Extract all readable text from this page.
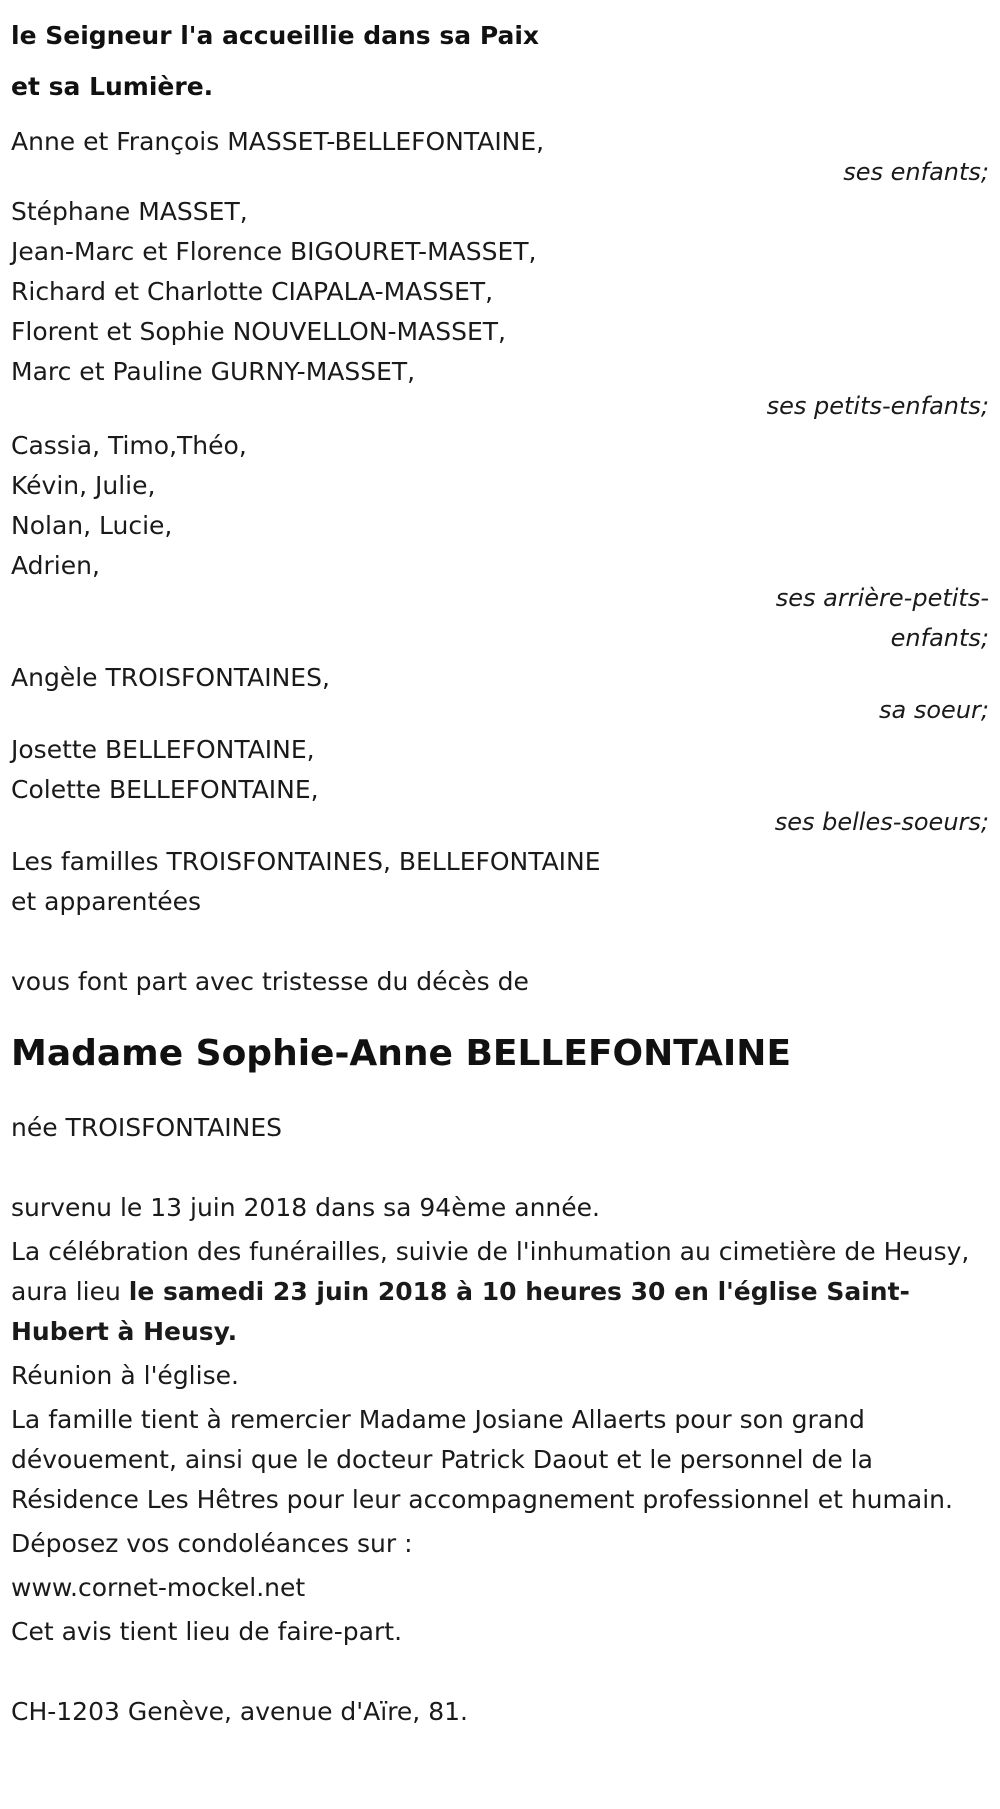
le Seigneur l'a accueillie dans sa Paix
et sa Lumière.

Anne et François MASSET-BELLEFONTAINE,
ses enfants;
Stéphane MASSET,
Jean-Marc et Florence BIGOURET-MASSET,
Richard et Charlotte CIAPALA-MASSET,
Florent et Sophie NOUVELLON-MASSET,
Marc et Pauline GURNY-MASSET,
ses petits-enfants;
Cassia, Timo,Théo,
Kévin, Julie,
Nolan, Lucie,
Adrien,
ses arrière-petits-
enfants;
Angèle TROISFONTAINES,
sa soeur;
Josette BELLEFONTAINE,
Colette BELLEFONTAINE,
ses belles-soeurs;
Les familles TROISFONTAINES, BELLEFONTAINE
et apparentées

vous font part avec tristesse du décès de

Madame Sophie-Anne BELLEFONTAINE

née TROISFONTAINES

survenu le 13 juin 2018 dans sa 94ème année.

La célébration des funérailles, suivie de l'inhumation au cimetière de Heusy, aura lieu le samedi 23 juin 2018 à 10 heures 30 en l'église Saint-Hubert à Heusy.

Réunion à l'église.

La famille tient à remercier Madame Josiane Allaerts pour son grand dévouement, ainsi que le docteur Patrick Daout et le personnel de la Résidence Les Hêtres pour leur accompagnement professionnel et humain.

Déposez vos condoléances sur :

www.cornet-mockel.net

Cet avis tient lieu de faire-part.

CH-1203 Genève, avenue d'Aïre, 81.
